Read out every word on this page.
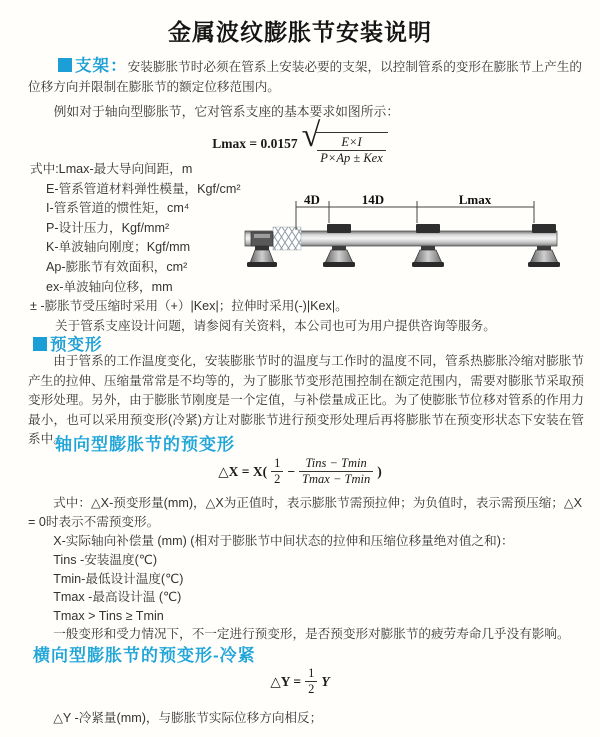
金属波纹膨胀节安装说明
支架：安装膨胀节时必须在管系上安装必要的支架，以控制管系的变形在膨胀节上产生的位移方向并限制在膨胀节的额定位移范围内。
例如对于轴向型膨胀节，它对管系支座的基本要求如图所示：
Lmax = 0.0157 √
$\frac{E\times I}{\text{P×Ap ± Kex}}$

式中:Lmax-最大导向间距，m

E-管系管道材料弹性模量，Kgf/cm²

I-管系管道的惯性矩，cm⁴

P-设计压力，Kgf/mm²

K-单波轴向刚度；Kgf/mm

Ap-膨胀节有效面积，cm²

ex-单波轴向位移，mm

± -膨胀节受压缩时采用（+）|Kex|；拉伸时采用(-)|Kex|。

关于管系支座设计问题，请参阅有关资料，本公司也可为用户提供咨询等服务。

4D	14D	Lmax
预变形
由于管系的工作温度变化，安装膨胀节时的温度与工作时的温度不同，管系热膨胀冷缩对膨胀节产生的拉伸、压缩量常常是不均等的，为了膨胀节变形范围控制在额定范围内，需要对膨胀节采取预变形处理。另外，由于膨胀节刚度是一个定值，与补偿量成正比。为了使膨胀节位移对管系的作用力最小，也可以采用预变形(冷紧)方让对膨胀节进行预变形处理后再将膨胀节在预变形状态下安装在管系中。
轴向型膨胀节的预变形
△X = $X( \frac{1}{2} - \frac{\text{Tins − Tmin}}{Tmax - Tmin}$ )

式中：△X-预变形量(mm)，△X为正值时，表示膨胀节需预拉伸；为负值时，表示需预压缩；△X = 0时表示不需预变形。

X-实际轴向补偿量 (mm) (相对于膨胀节中间状态的拉伸和压缩位移量绝对值之和)：

Tins -安装温度(℃)

Tmin-最低设计温度(℃)

Tmax -最高设计温 (℃)

Tmax > Tins ≥ Tmin

一般变形和受力情况下，不一定进行预变形，是否预变形对膨胀节的疲劳寿命几乎没有影响。

横向型膨胀节的预变形-冷紧
△Y = $\frac{1}{2}$ Y
△Y -冷紧量(mm)，与膨胀节实际位移方向相反；
